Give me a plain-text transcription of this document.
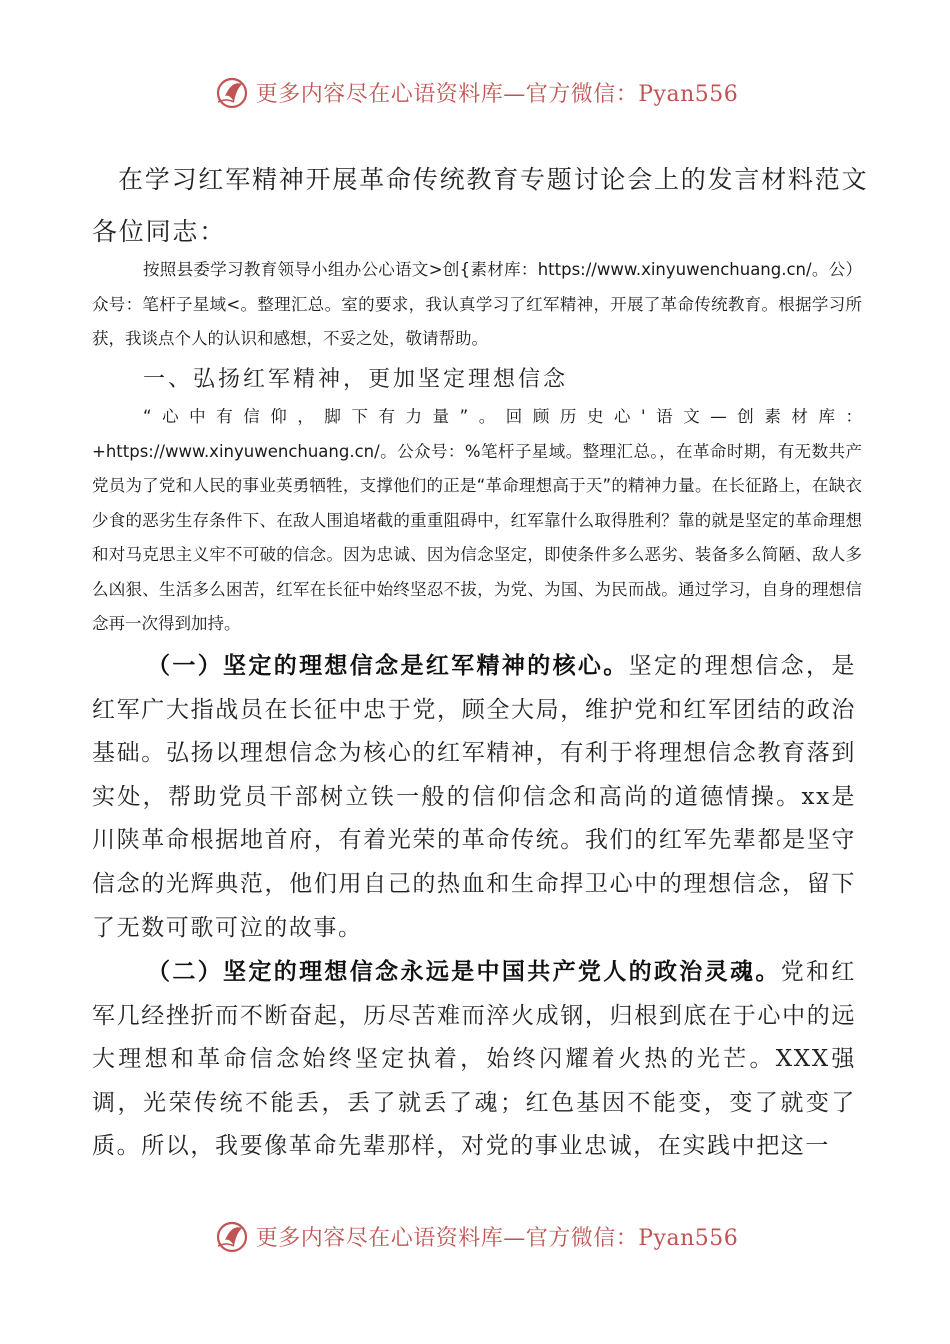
更多内容尽在心语资料库—官方微信：Pyan556
在学习红军精神开展革命传统教育专题讨论会上的发言材料范文
各位同志：

按照县委学习教育领导小组办公心语文>创{素材库：https://www.xinyuwenchuang.cn/。公）众号：笔杆子星域<。整理汇总。室的要求，我认真学习了红军精神，开展了革命传统教育。根据学习所获，我谈点个人的认识和感想，不妥之处，敬请帮助。

一、弘扬红军精神，更加坚定理想信念

“心中有信仰，脚下有力量”。回顾历史心'语文—创素材库：+https://www.xinyuwenchuang.cn/。公众号：%笔杆子星域。整理汇总。，在革命时期，有无数共产党员为了党和人民的事业英勇牺牲，支撑他们的正是“革命理想高于天”的精神力量。在长征路上，在缺衣少食的恶劣生存条件下、在敌人围追堵截的重重阻碍中，红军靠什么取得胜利？靠的就是坚定的革命理想和对马克思主义牢不可破的信念。因为忠诚、因为信念坚定，即使条件多么恶劣、装备多么简陋、敌人多么凶狠、生活多么困苦，红军在长征中始终坚忍不拔，为党、为国、为民而战。通过学习，自身的理想信念再一次得到加持。

（一）坚定的理想信念是红军精神的核心。坚定的理想信念，是红军广大指战员在长征中忠于党，顾全大局，维护党和红军团结的政治基础。弘扬以理想信念为核心的红军精神，有利于将理想信念教育落到实处，帮助党员干部树立铁一般的信仰信念和高尚的道德情操。xx是川陕革命根据地首府，有着光荣的革命传统。我们的红军先辈都是坚守信念的光辉典范，他们用自己的热血和生命捍卫心中的理想信念，留下了无数可歌可泣的故事。

（二）坚定的理想信念永远是中国共产党人的政治灵魂。党和红军几经挫折而不断奋起，历尽苦难而淬火成钢，归根到底在于心中的远大理想和革命信念始终坚定执着，始终闪耀着火热的光芒。XXX强调，光荣传统不能丢，丢了就丢了魂；红色基因不能变，变了就变了质。所以，我要像革命先辈那样，对党的事业忠诚，在实践中把这一

更多内容尽在心语资料库—官方微信：Pyan556
